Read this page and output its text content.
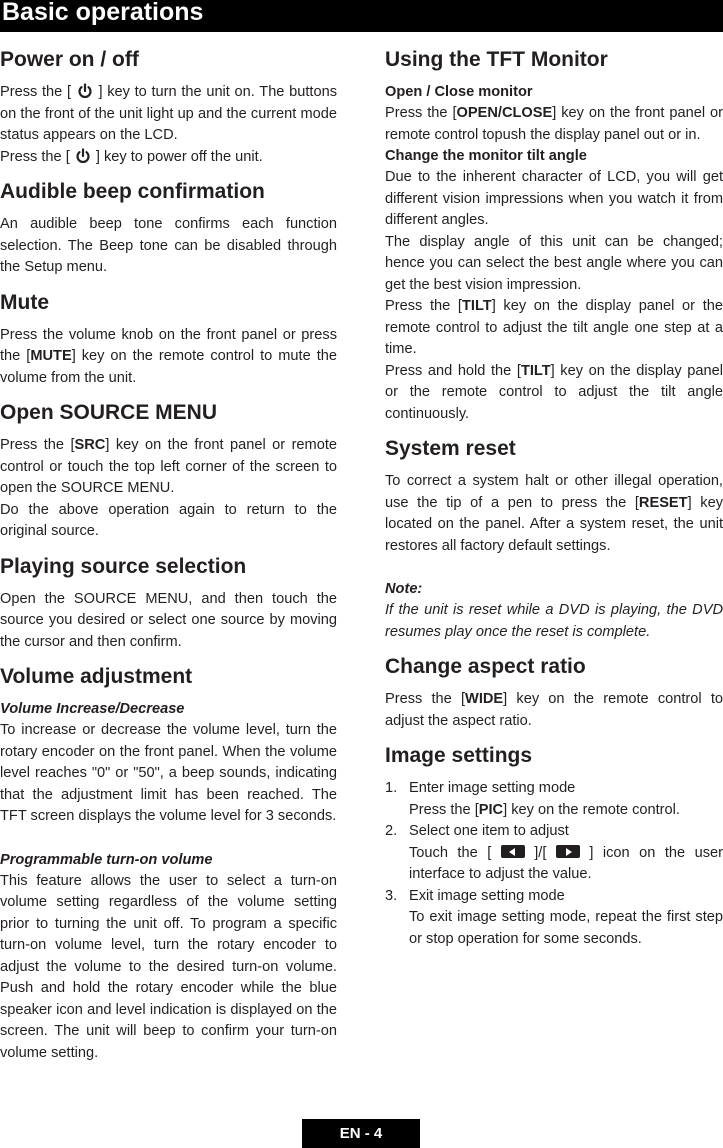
Basic operations
Power on / off
Press the [  ] key to turn the unit on. The buttons on the front of the unit light up and the current mode status appears on the LCD.
Press the [  ] key to power off the unit.
Audible beep confirmation
An audible beep tone confirms each function selection. The Beep tone can be disabled through the Setup menu.
Mute
Press the volume knob on the front panel or press the [MUTE] key on the remote control to mute the volume from the unit.
Open SOURCE MENU
Press the [SRC] key on the front panel or remote control or touch the top left corner of the screen to open the SOURCE MENU.
Do the above operation again to return to the original source.
Playing source selection
Open the SOURCE MENU, and then touch the source you desired or select one source by moving the cursor and then confirm.
Volume adjustment
Volume Increase/Decrease
To increase or decrease the volume level, turn the rotary encoder on the front panel. When the volume level reaches "0" or "50", a beep sounds, indicating that the adjustment limit has been reached. The TFT screen displays the volume level for 3 seconds.
Programmable turn-on volume
This feature allows the user to select a turn-on volume setting regardless of the volume setting prior to turning the unit off. To program a specific turn-on volume level, turn the rotary encoder to adjust the volume to the desired turn-on volume. Push and hold the rotary encoder while the blue speaker icon and level indication is displayed on the screen. The unit will beep to confirm your turn-on volume setting.
Using the TFT Monitor
Open / Close monitor
Press the [OPEN/CLOSE] key on the front panel or remote control topush the display panel out or in.
Change the monitor tilt angle
Due to the inherent character of LCD, you will get different vision impressions when you watch it from different angles.
The display angle of this unit can be changed; hence you can select the best angle where you can get the best vision impression.
Press the [TILT] key on the display panel or the remote control to adjust the tilt angle one step at a time.
Press and hold the [TILT] key on the display panel or the remote control to adjust the tilt angle continuously.
System reset
To correct a system halt or other illegal operation, use the tip of a pen to press the [RESET] key located on the panel. After a system reset, the unit restores all factory default settings.
Note:
If the unit is reset while a DVD is playing, the DVD resumes play once the reset is complete.
Change aspect ratio
Press the [WIDE] key on the remote control to adjust the aspect ratio.
Image settings
1. Enter image setting mode
Press the [PIC] key on the remote control.
2. Select one item to adjust
Touch the [  ]/[  ] icon on the user interface to adjust the value.
3. Exit image setting mode
To exit image setting mode, repeat the first step or stop operation for some seconds.
EN - 4
